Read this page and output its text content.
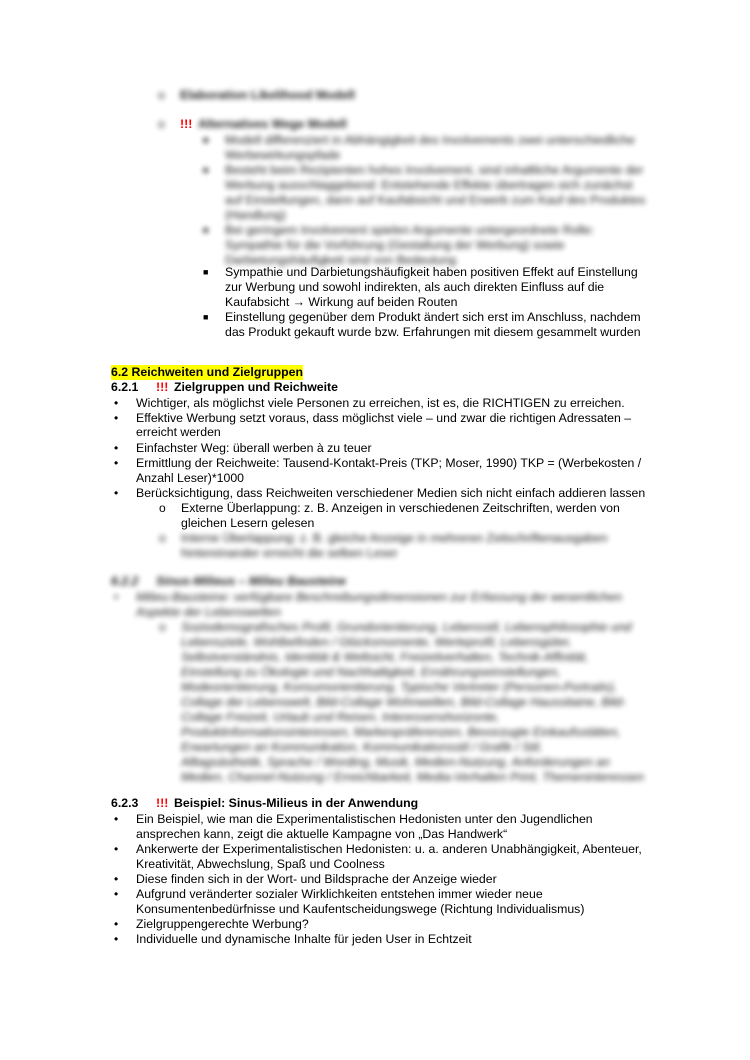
o Elaboration Likelihood Modell
o !!! Alternatives Wege Modell
■ Modell differenziert in Abhängigkeit des Involvements zwei unterschiedliche
Werbewirkungspfade
■ Besteht beim Rezipienten hohes Involvement, sind inhaltliche Argumente der
Werbung ausschlaggebend: Entstehende Effekte übertragen sich zunächst
auf Einstellungen, dann auf Kaufabsicht und Erwerb zum Kauf des Produktes
(Handlung)
■ Bei geringem Involvement spielen Argumente untergeordnete Rolle:
Sympathie für die Vorführung (Gestaltung der Werbung) sowie
Darbietungshäufigkeit sind von Bedeutung
■ Sympathie und Darbietungshäufigkeit haben positiven Effekt auf Einstellung
zur Werbung und sowohl indirekten, als auch direkten Einfluss auf die
Kaufabsicht → Wirkung auf beiden Routen
■ Einstellung gegenüber dem Produkt ändert sich erst im Anschluss, nachdem
das Produkt gekauft wurde bzw. Erfahrungen mit diesem gesammelt wurden
6.2 Reichweiten und Zielgruppen
6.2.1 !!! Zielgruppen und Reichweite
• Wichtiger, als möglichst viele Personen zu erreichen, ist es, die RICHTIGEN zu erreichen.
• Effektive Werbung setzt voraus, dass möglichst viele – und zwar die richtigen Adressaten –
erreicht werden
• Einfachster Weg: überall werben à zu teuer
• Ermittlung der Reichweite: Tausend-Kontakt-Preis (TKP; Moser, 1990) TKP = (Werbekosten /
Anzahl Leser)*1000
• Berücksichtigung, dass Reichweiten verschiedener Medien sich nicht einfach addieren lassen
o Externe Überlappung: z. B. Anzeigen in verschiedenen Zeitschriften, werden von
gleichen Lesern gelesen
o Interne Überlappung: z. B. gleiche Anzeige in mehreren Zeitschriftenausgaben
hintereinander erreicht die selben Leser
6.2.2 Sinus-Milieus – Milieu Bausteine
• Milieu-Bausteine: verfügbare Beschreibungsdimensionen zur Erfassung der wesentlichen
Aspekte der Lebenswelten
o Soziodemografisches Profil, Grundorientierung, Lebensstil, Lebensphilosophie und
Lebensziele, Wohlbefinden / Glücksmomente, Werteprofil, Lebensgüter,
Selbstverständnis, Identität & Weltsicht, Freizeitverhalten, Technik-Affinität,
Einstellung zu Ökologie und Nachhaltigkeit, Ernährungseinstellungen,
Modeorientierung, Konsumorientierung, Typische Vertreter (Personen-Portraits),
Collage der Lebenswelt, Bild-Collage Wohnwelten, Bild-Collage Haussitaine, Bild-
Collage Freizeit, Urlaub und Reisen, Interessenshorizonte,
Produktinformationsinteressen, Markenpräferenzen, Bevorzugte Einkaufsstätten,
Erwartungen an Kommunikation, Kommunikationsstil / Grafik / Stil,
Alltagsästhetik, Sprache / Wording, Musik, Medien-Nutzung, Anforderungen an
Medien, Channel-Nutzung / Erreichbarkeit, Media-Verhalten Print, Themeninteressen
6.2.3 !!! Beispiel: Sinus-Milieus in der Anwendung
• Ein Beispiel, wie man die Experimentalistischen Hedonisten unter den Jugendlichen
ansprechen kann, zeigt die aktuelle Kampagne von „Das Handwerk“
• Ankerwerte der Experimentalistischen Hedonisten: u. a. anderen Unabhängigkeit, Abenteuer,
Kreativität, Abwechslung, Spaß und Coolness
• Diese finden sich in der Wort- und Bildsprache der Anzeige wieder
• Aufgrund veränderter sozialer Wirklichkeiten entstehen immer wieder neue
Konsumentenbedürfnisse und Kaufentscheidungswege (Richtung Individualismus)
• Zielgruppengerechte Werbung?
• Individuelle und dynamische Inhalte für jeden User in Echtzeit
